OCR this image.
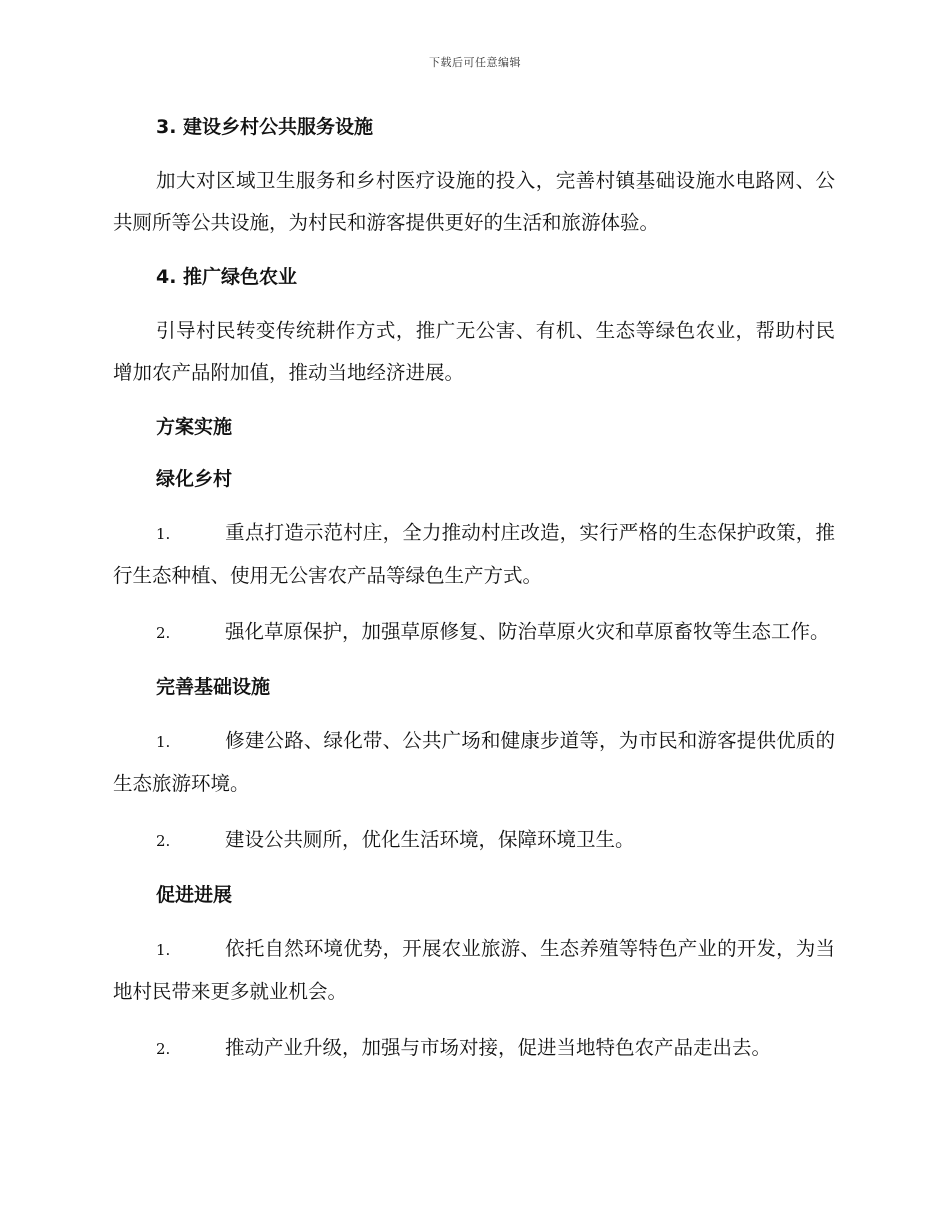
下载后可任意编辑
3. 建设乡村公共服务设施

加大对区域卫生服务和乡村医疗设施的投入，完善村镇基础设施水电路网、公共厕所等公共设施，为村民和游客提供更好的生活和旅游体验。

4. 推广绿色农业

引导村民转变传统耕作方式，推广无公害、有机、生态等绿色农业，帮助村民增加农产品附加值，推动当地经济进展。

方案实施
绿化乡村

1.	重点打造示范村庄，全力推动村庄改造，实行严格的生态保护政策，推行生态种植、使用无公害农产品等绿色生产方式。

2.	强化草原保护，加强草原修复、防治草原火灾和草原畜牧等生态工作。

完善基础设施

1.	修建公路、绿化带、公共广场和健康步道等，为市民和游客提供优质的生态旅游环境。

2.	建设公共厕所，优化生活环境，保障环境卫生。

促进进展

1.	依托自然环境优势，开展农业旅游、生态养殖等特色产业的开发，为当地村民带来更多就业机会。

2.	推动产业升级，加强与市场对接，促进当地特色农产品走出去。
